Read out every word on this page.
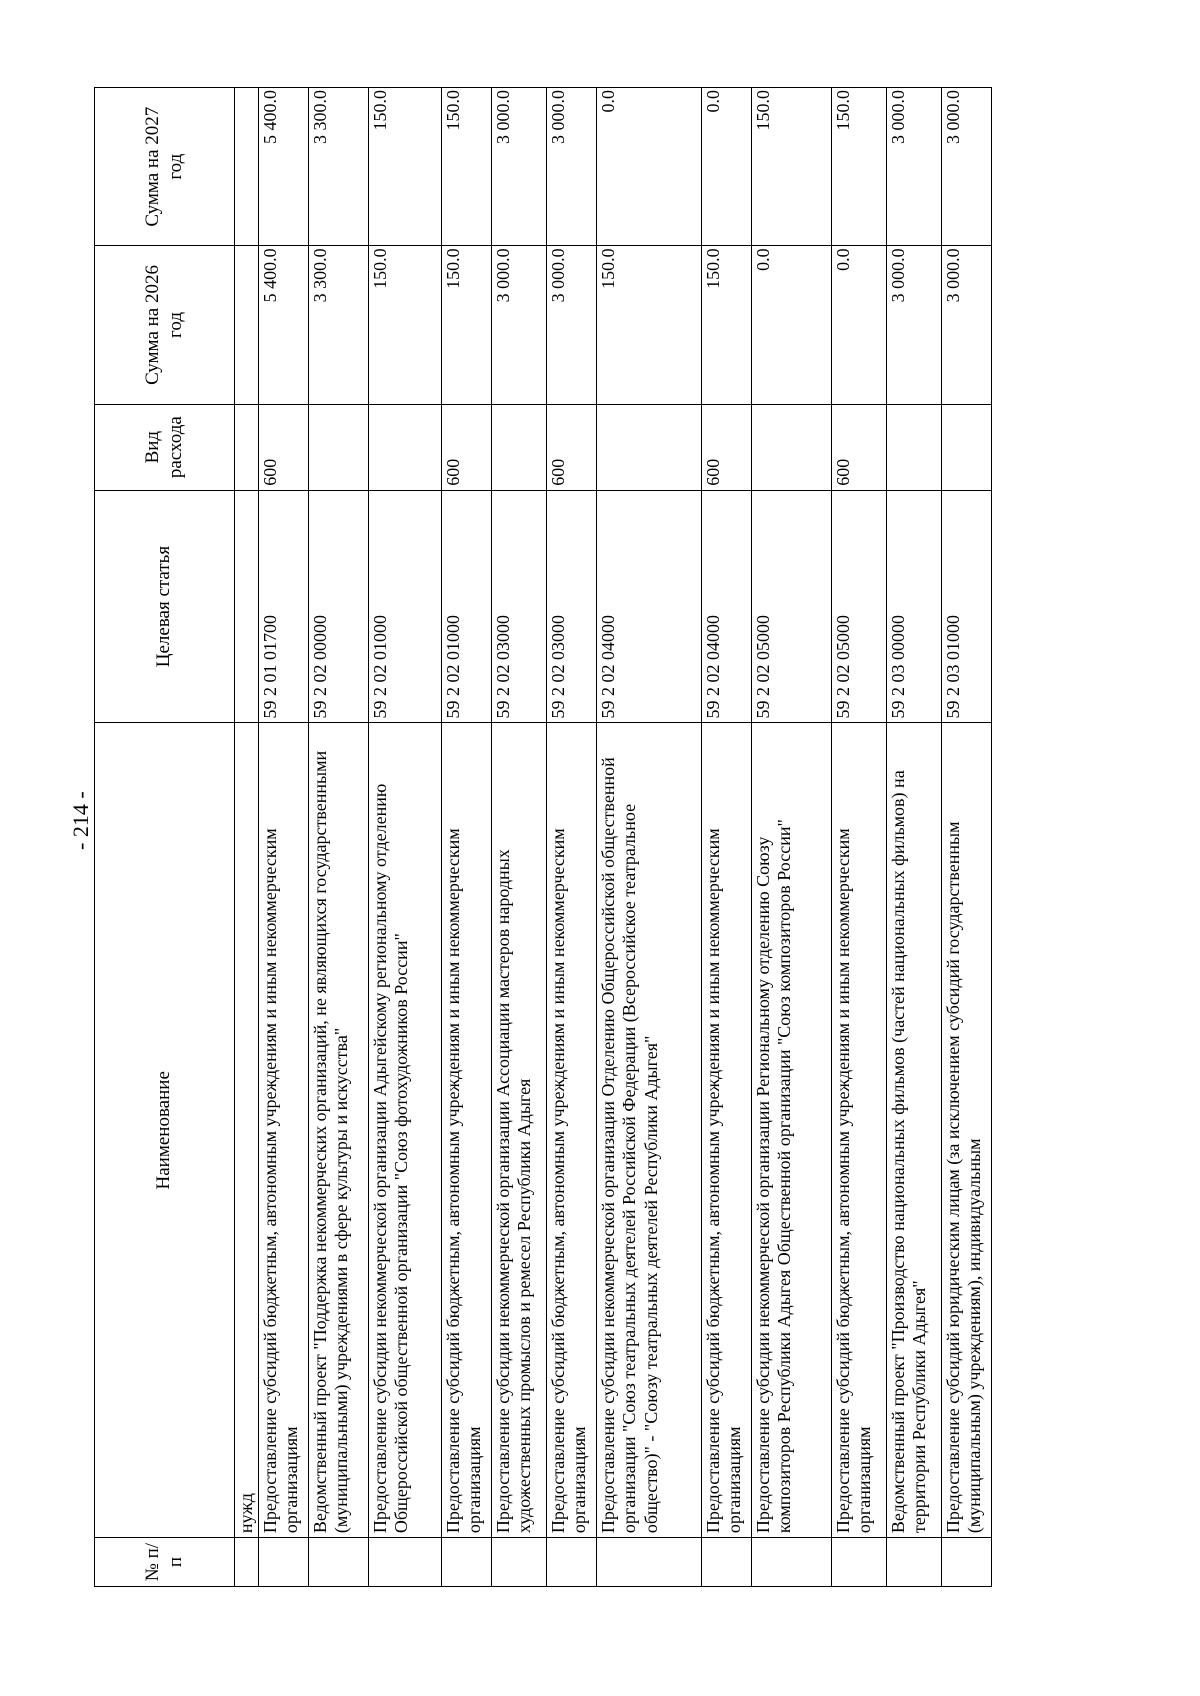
- 214 -
№ п/п	Наименование	Целевая статья	Вид расхода	Сумма на 2026 год	Сумма на 2027 год
	нужд				
	Предоставление субсидий бюджетным, автономным учреждениям и иным некоммерческим организациям	59 2 01 01700	600	5 400.0	5 400.0
	Ведомственный проект "Поддержка некоммерческих организаций, не являющихся государственными (муниципальными) учреждениями в сфере культуры и искусства"	59 2 02 00000		3 300.0	3 300.0
	Предоставление субсидии некоммерческой организации Адыгейскому региональному отделению Общероссийской общественной организации "Союз фотохудожников России"	59 2 02 01000		150.0	150.0
	Предоставление субсидий бюджетным, автономным учреждениям и иным некоммерческим организациям	59 2 02 01000	600	150.0	150.0
	Предоставление субсидии некоммерческой организации Ассоциации мастеров народных художественных промыслов и ремесел Республики Адыгея	59 2 02 03000		3 000.0	3 000.0
	Предоставление субсидий бюджетным, автономным учреждениям и иным некоммерческим организациям	59 2 02 03000	600	3 000.0	3 000.0
	Предоставление субсидии некоммерческой организации Отделению Общероссийской общественной организации "Союз театральных деятелей Российской Федерации (Всероссийское театральное общество)" - "Союзу театральных деятелей Республики Адыгея"	59 2 02 04000		150.0	0.0
	Предоставление субсидий бюджетным, автономным учреждениям и иным некоммерческим организациям	59 2 02 04000	600	150.0	0.0
	Предоставление субсидии некоммерческой организации Региональному отделению Союзу композиторов Республики Адыгея Общественной организации "Союз композиторов России"	59 2 02 05000		0.0	150.0
	Предоставление субсидий бюджетным, автономным учреждениям и иным некоммерческим организациям	59 2 02 05000	600	0.0	150.0
	Ведомственный проект "Производство национальных фильмов (частей национальных фильмов) на территории Республики Адыгея"	59 2 03 00000		3 000.0	3 000.0
	Предоставление субсидий юридическим лицам (за исключением субсидий государственным (муниципальным) учреждениям), индивидуальным	59 2 03 01000		3 000.0	3 000.0
